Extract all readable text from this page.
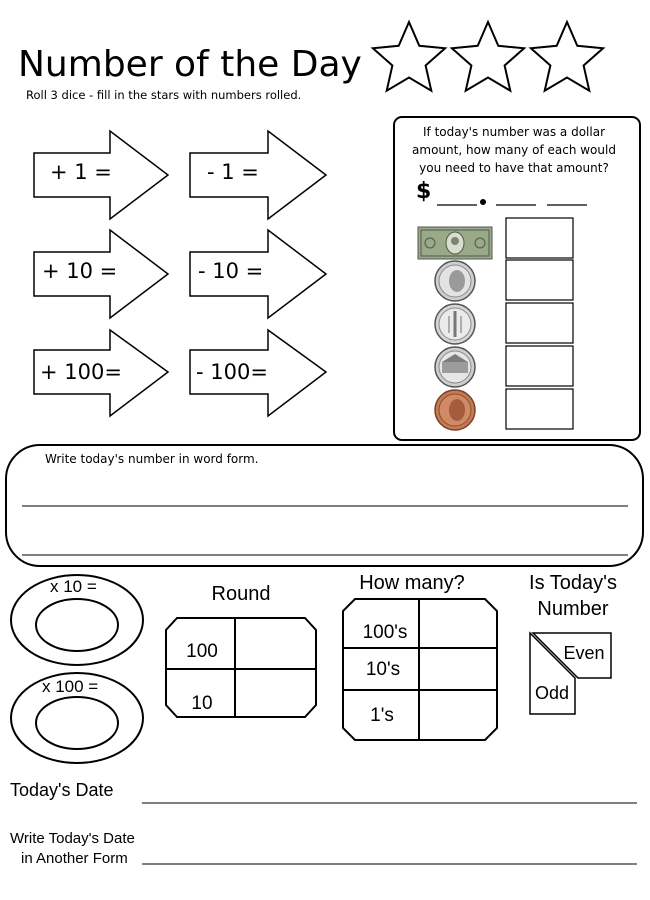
Number of the Day
Roll 3 dice - fill in the stars with numbers rolled.
+ 1 =	- 1 =
+ 10 =	- 10 =
+ 100=	- 100=
If today's number was a dollar
amount, how many of each would
you need to have that amount?
$
Write today's number in word form.
x 10 =
x 100 =
Round
100
10
How many?
100's
10's
1's
Is Today's
Number
Even
Odd
Today's Date
Write Today's Date
in Another Form
